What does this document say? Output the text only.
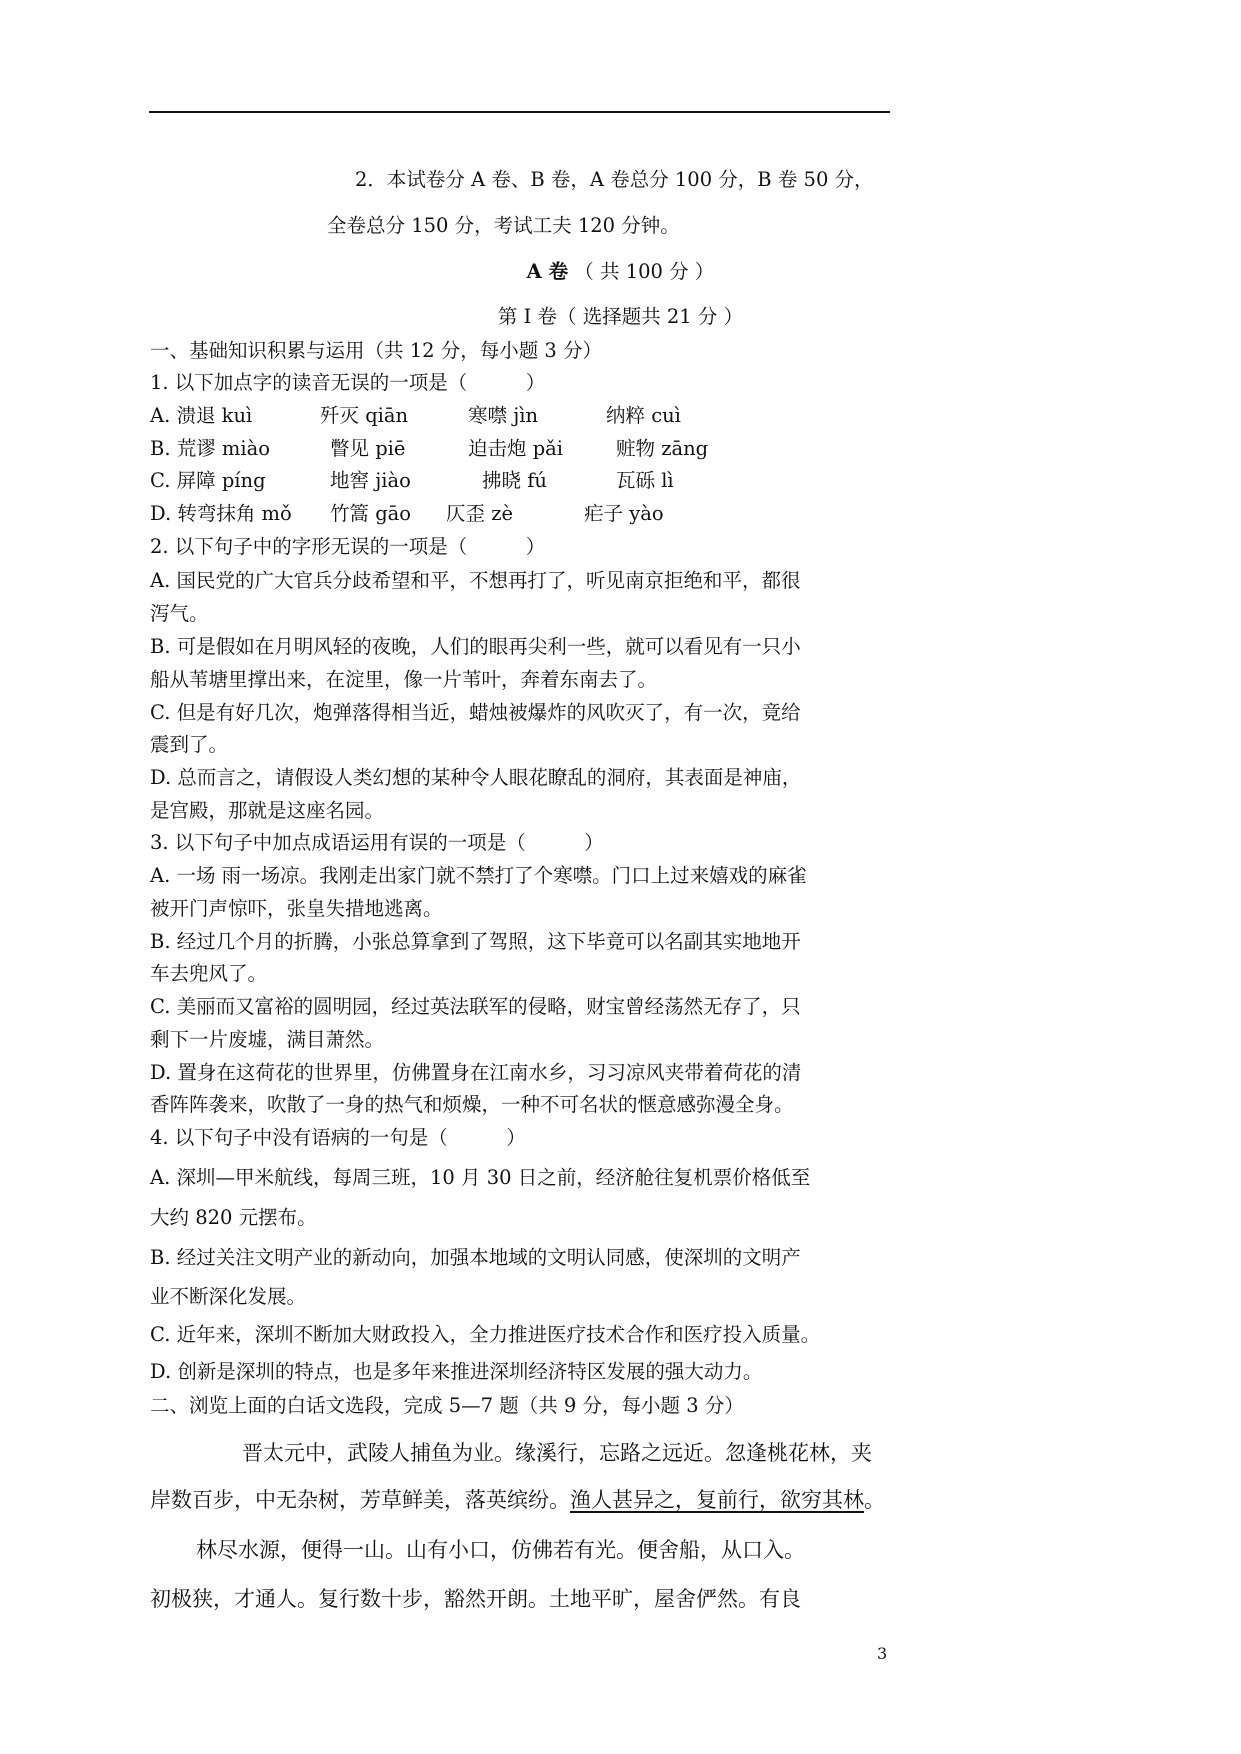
2．本试卷分 A 卷、B 卷，A 卷总分 100 分，B 卷 50 分，
全卷总分 150 分，考试工夫 120 分钟。
A 卷 （ 共 100 分 ）
第 I 卷（ 选择题共 21 分 ）
一、基础知识积累与运用（共 12 分，每小题 3 分）
1. 以下加点字的读音无误的一项是（　　　）
A. 溃退 kuì	歼灭 qiān	寒噤 jìn	纳粹 cuì
B. 荒谬 miào	瞥见 piē	迫击炮 pǎi	赃物 zāng
C. 屏障 píng	地窖 jiào	拂晓 fú	瓦砾 lì
D. 转弯抹角 mǒ 竹篙 gāo 仄歪 zè	疟子 yào
2. 以下句子中的字形无误的一项是（　　　）
A. 国民党的广大官兵分歧希望和平，不想再打了，听见南京拒绝和平，都很
泻气。
B. 可是假如在月明风轻的夜晚，人们的眼再尖利一些，就可以看见有一只小
船从苇塘里撑出来，在淀里，像一片苇叶，奔着东南去了。
C. 但是有好几次，炮弹落得相当近，蜡烛被爆炸的风吹灭了，有一次，竟给
震到了。
D. 总而言之，请假设人类幻想的某种令人眼花瞭乱的洞府，其表面是神庙，
是宫殿，那就是这座名园。
3. 以下句子中加点成语运用有误的一项是（　　　）
A. 一场 雨一场凉。我刚走出家门就不禁打了个寒噤。门口上过来嬉戏的麻雀
被开门声惊吓，张皇失措地逃离。
B. 经过几个月的折腾，小张总算拿到了驾照，这下毕竟可以名副其实地地开
车去兜风了。
C. 美丽而又富裕的圆明园，经过英法联军的侵略，财宝曾经荡然无存了，只
剩下一片废墟，满目萧然。
D. 置身在这荷花的世界里，仿佛置身在江南水乡，习习凉风夹带着荷花的清
香阵阵袭来，吹散了一身的热气和烦燥，一种不可名状的惬意感弥漫全身。
4. 以下句子中没有语病的一句是（　　　）
A. 深圳—甲米航线，每周三班，10 月 30 日之前，经济舱往复机票价格低至
大约 820 元摆布。
B. 经过关注文明产业的新动向，加强本地域的文明认同感，使深圳的文明产
业不断深化发展。
C. 近年来，深圳不断加大财政投入，全力推进医疗技术合作和医疗投入质量。
D. 创新是深圳的特点，也是多年来推进深圳经济特区发展的强大动力。
二、浏览上面的白话文选段，完成 5—7 题（共 9 分，每小题 3 分）
晋太元中，武陵人捕鱼为业。缘溪行，忘路之远近。忽逢桃花林，夹
岸数百步，中无杂树，芳草鲜美，落英缤纷。渔人甚异之，复前行，欲穷其林。
林尽水源，便得一山。山有小口，仿佛若有光。便舍船，从口入。
初极狭，才通人。复行数十步，豁然开朗。土地平旷，屋舍俨然。有良
3
